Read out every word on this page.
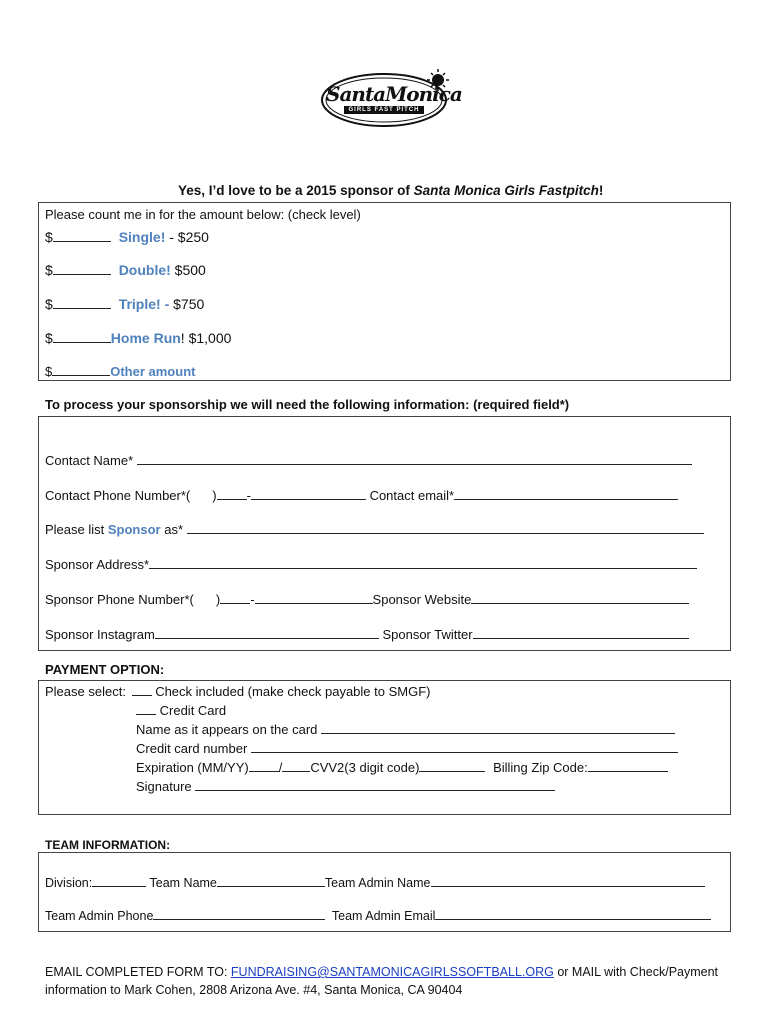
SantaMonica
GIRLS FAST PITCH
Yes, I’d love to be a 2015 sponsor of Santa Monica Girls Fastpitch!
Please count me in for the amount below: (check level)
$	Single! - $250
$	Double! $500
$	Triple! - $750
$	Home Run! $1,000
$	Other amount
To process your sponsorship we will need the following information: (required field*)
Contact Name*
Contact Phone Number*( ) -	Contact email*
Please list Sponsor as*
Sponsor Address*
Sponsor Phone Number*( ) -	Sponsor Website
Sponsor Instagram	Sponsor Twitter
PAYMENT OPTION:
Please select: Check included (make check payable to SMGF)
Credit Card
Name as it appears on the card
Credit card number
Expiration (MM/YY) / CVV2(3 digit code)	Billing Zip Code:
Signature
TEAM INFORMATION:
Division:	Team Name	Team Admin Name
Team Admin Phone	Team Admin Email
EMAIL COMPLETED FORM TO: FUNDRAISING@SANTAMONICAGIRLSSOFTBALL.ORG or MAIL with Check/Payment
information to Mark Cohen, 2808 Arizona Ave. #4, Santa Monica, CA 90404
